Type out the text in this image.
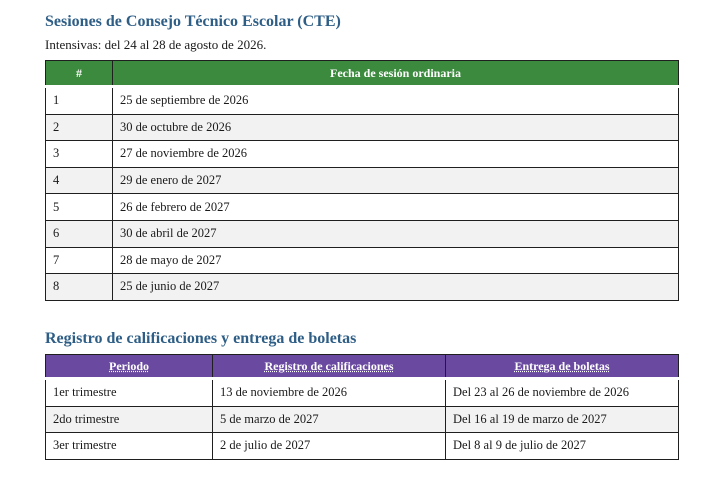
Sesiones de Consejo Técnico Escolar (CTE)

Intensivas: del 24 al 28 de agosto de 2026.

#	Fecha de sesión ordinaria
1	25 de septiembre de 2026
2	30 de octubre de 2026
3	27 de noviembre de 2026
4	29 de enero de 2027
5	26 de febrero de 2027
6	30 de abril de 2027
7	28 de mayo de 2027
8	25 de junio de 2027
Registro de calificaciones y entrega de boletas
Periodo	Registro de calificaciones	Entrega de boletas
1er trimestre	13 de noviembre de 2026	Del 23 al 26 de noviembre de 2026
2do trimestre	5 de marzo de 2027	Del 16 al 19 de marzo de 2027
3er trimestre	2 de julio de 2027	Del 8 al 9 de julio de 2027
